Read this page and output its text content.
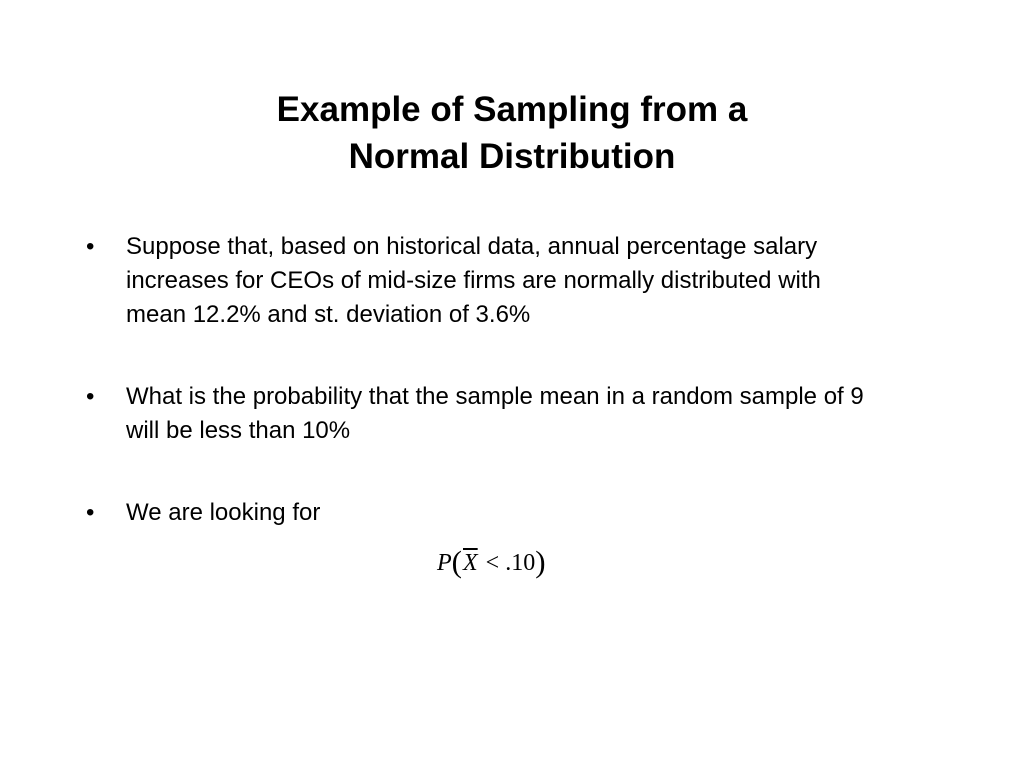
Example of Sampling from a
Normal Distribution
• Suppose that, based on historical data, annual percentage salary increases for CEOs of mid-size firms are normally distributed with mean 12.2% and st. deviation of 3.6%
• What is the probability that the sample mean in a random sample of 9 will be less than 10%
• We are looking for
$P(\overline{X} < .10)$
